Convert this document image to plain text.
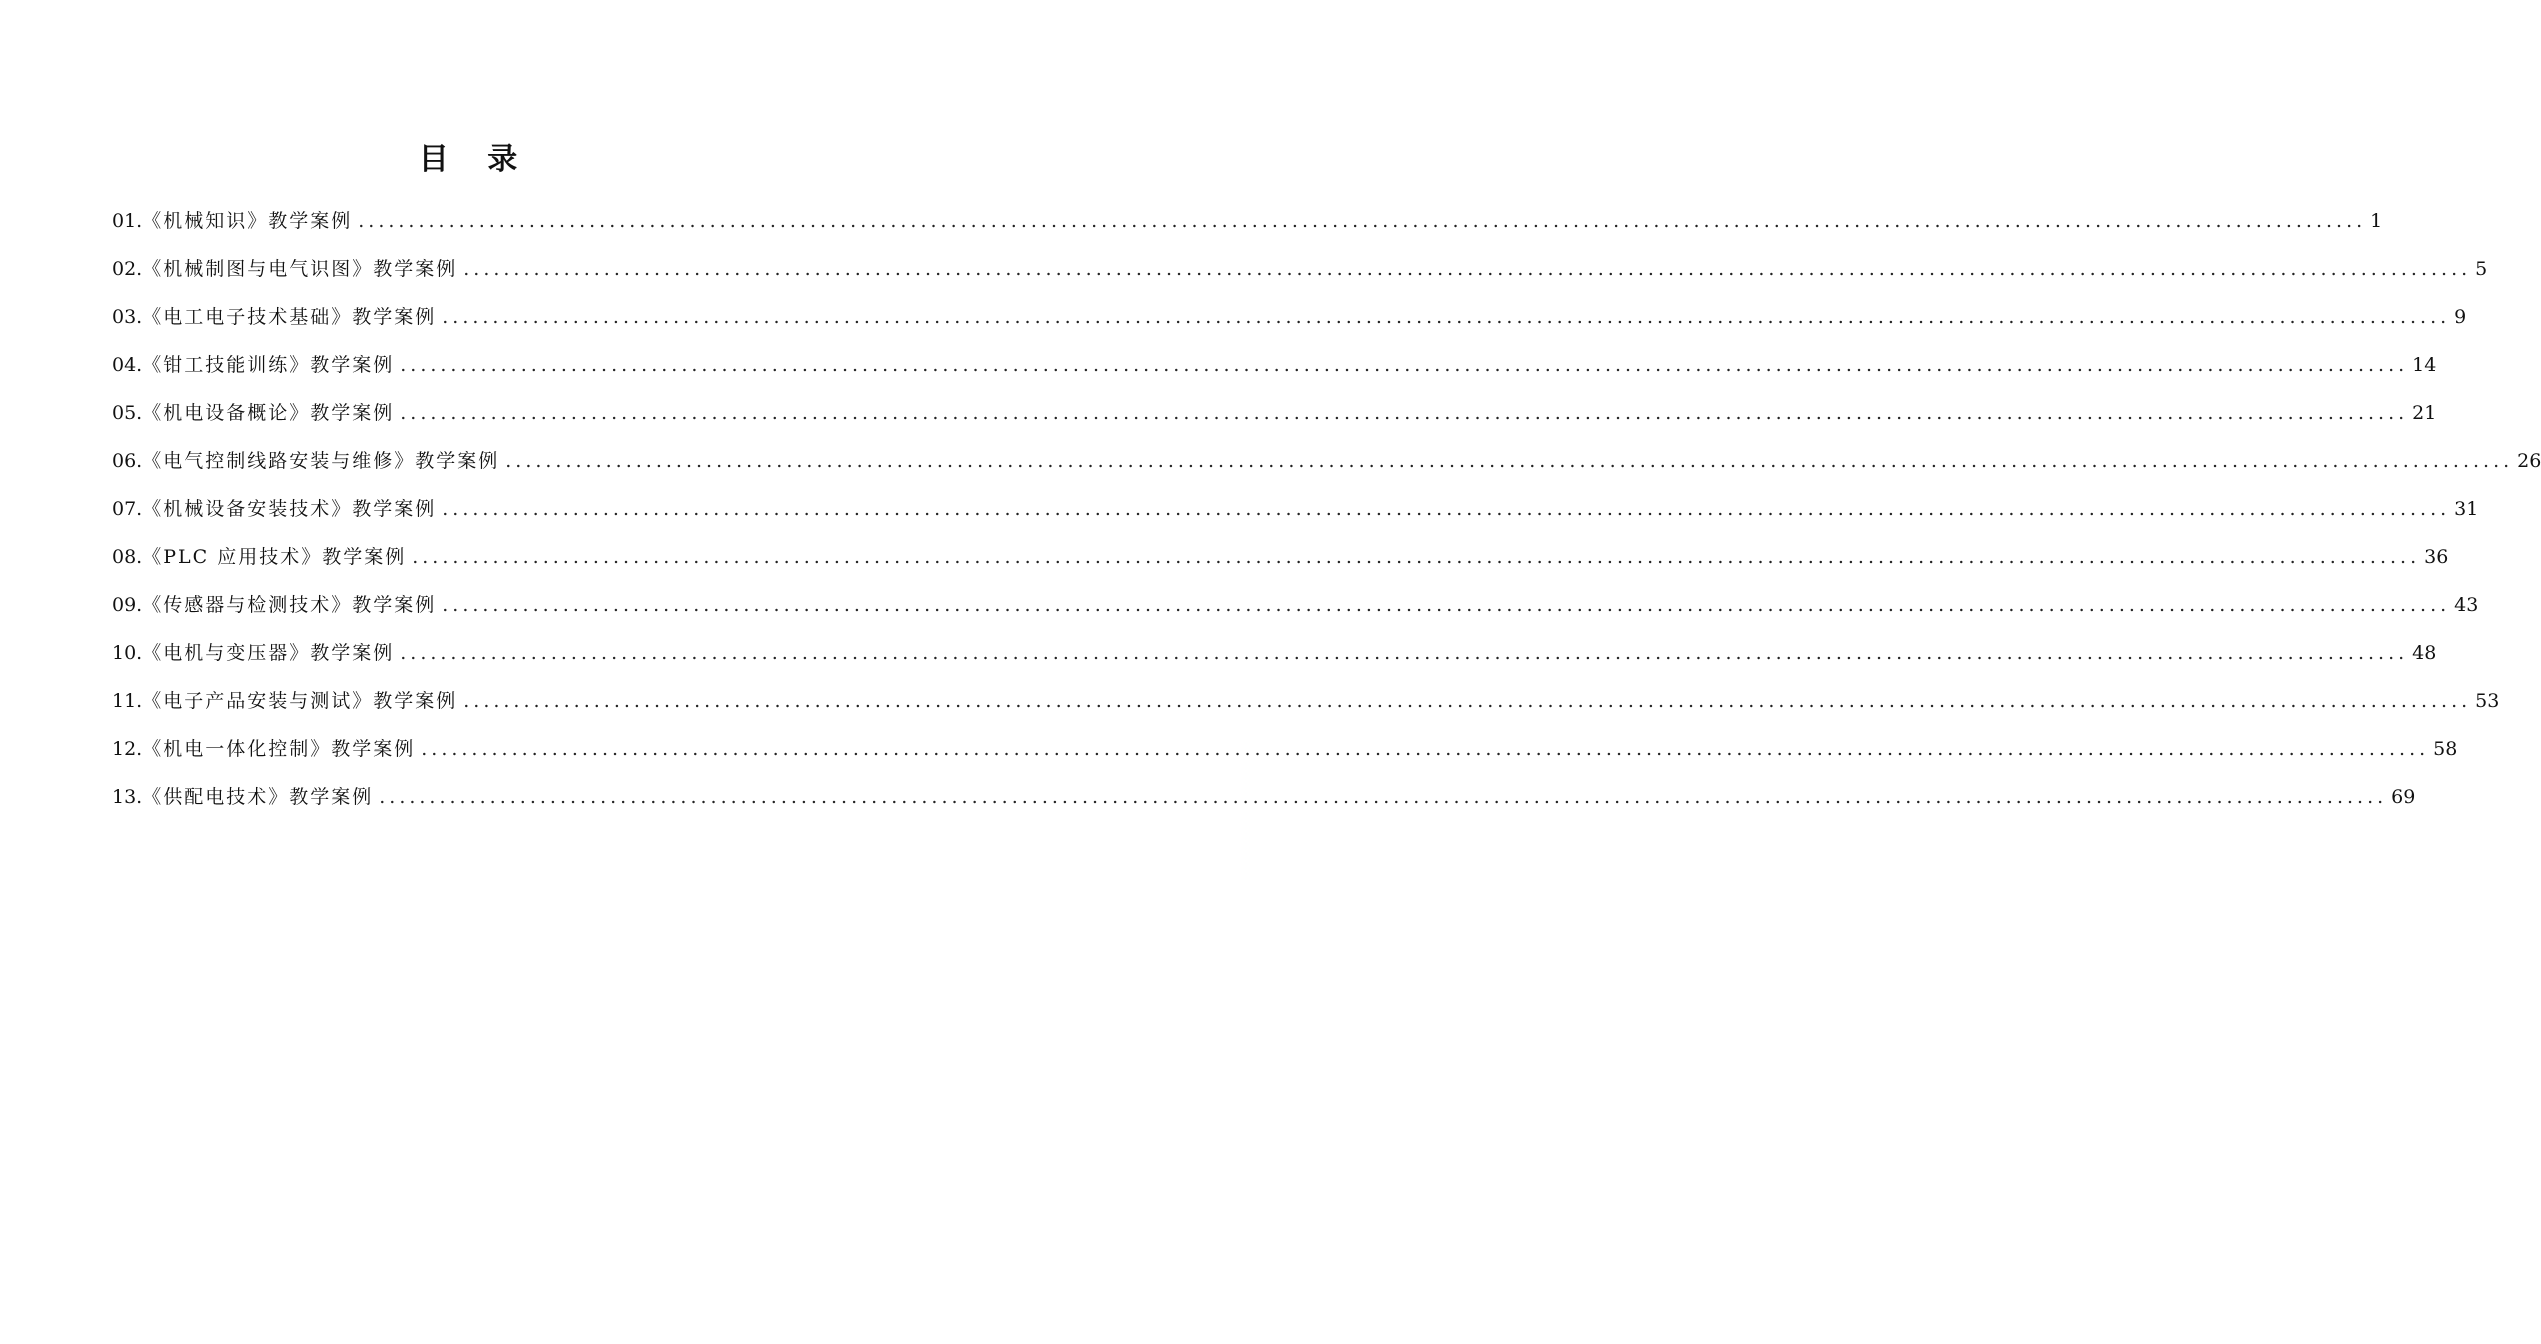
目 录
01. 《机械知识》教学案例 ........................................................................................................................................................................................................ 1
02. 《机械制图与电气识图》教学案例 ........................................................................................................................................................................................................ 5
03. 《电工电子技术基础》教学案例 ........................................................................................................................................................................................................ 9
04. 《钳工技能训练》教学案例 ........................................................................................................................................................................................................ 14
05. 《机电设备概论》教学案例 ........................................................................................................................................................................................................ 21
06. 《电气控制线路安装与维修》教学案例 ........................................................................................................................................................................................................ 26
07. 《机械设备安装技术》教学案例 ........................................................................................................................................................................................................ 31
08. 《PLC 应用技术》教学案例 ........................................................................................................................................................................................................ 36
09. 《传感器与检测技术》教学案例 ........................................................................................................................................................................................................ 43
10. 《电机与变压器》教学案例 ........................................................................................................................................................................................................ 48
11. 《电子产品安装与测试》教学案例 ........................................................................................................................................................................................................ 53
12. 《机电一体化控制》教学案例 ........................................................................................................................................................................................................ 58
13. 《供配电技术》教学案例 ........................................................................................................................................................................................................ 69
